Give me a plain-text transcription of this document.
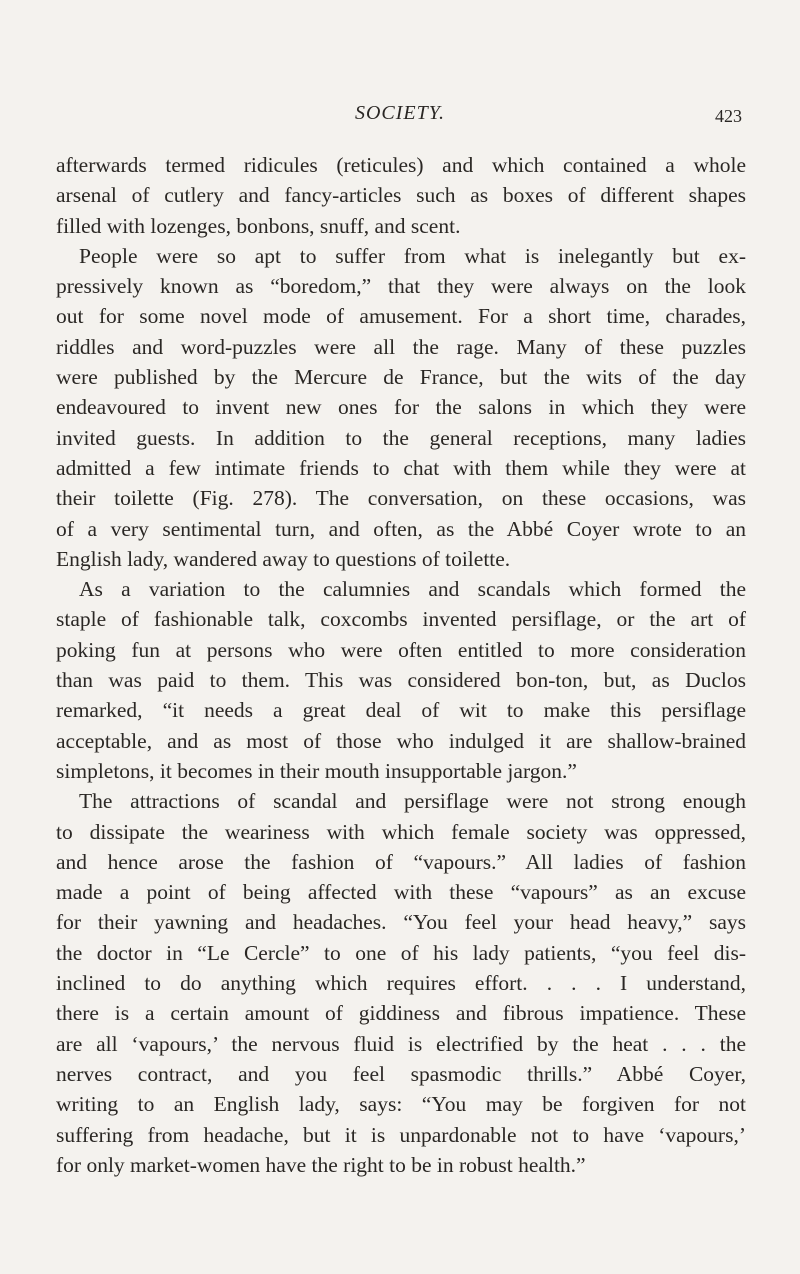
SOCIETY.	423
afterwards termed ridicules (reticules) and which contained a whole
arsenal of cutlery and fancy-articles such as boxes of different shapes
filled with lozenges, bonbons, snuff, and scent.
People were so apt to suffer from what is inelegantly but ex-
pressively known as “boredom,” that they were always on the look
out for some novel mode of amusement. For a short time, charades,
riddles and word-puzzles were all the rage. Many of these puzzles
were published by the Mercure de France, but the wits of the day
endeavoured to invent new ones for the salons in which they were
invited guests. In addition to the general receptions, many ladies
admitted a few intimate friends to chat with them while they were at
their toilette (Fig. 278). The conversation, on these occasions, was
of a very sentimental turn, and often, as the Abbé Coyer wrote to an
English lady, wandered away to questions of toilette.
As a variation to the calumnies and scandals which formed the
staple of fashionable talk, coxcombs invented persiflage, or the art of
poking fun at persons who were often entitled to more consideration
than was paid to them. This was considered bon-ton, but, as Duclos
remarked, “it needs a great deal of wit to make this persiflage
acceptable, and as most of those who indulged it are shallow-brained
simpletons, it becomes in their mouth insupportable jargon.”
The attractions of scandal and persiflage were not strong enough
to dissipate the weariness with which female society was oppressed,
and hence arose the fashion of “vapours.” All ladies of fashion
made a point of being affected with these “vapours” as an excuse
for their yawning and headaches. “You feel your head heavy,” says
the doctor in “Le Cercle” to one of his lady patients, “you feel dis-
inclined to do anything which requires effort. . . . I understand,
there is a certain amount of giddiness and fibrous impatience. These
are all ‘vapours,’ the nervous fluid is electrified by the heat . . . the
nerves contract, and you feel spasmodic thrills.” Abbé Coyer,
writing to an English lady, says: “You may be forgiven for not
suffering from headache, but it is unpardonable not to have ‘vapours,’
for only market-women have the right to be in robust health.”
